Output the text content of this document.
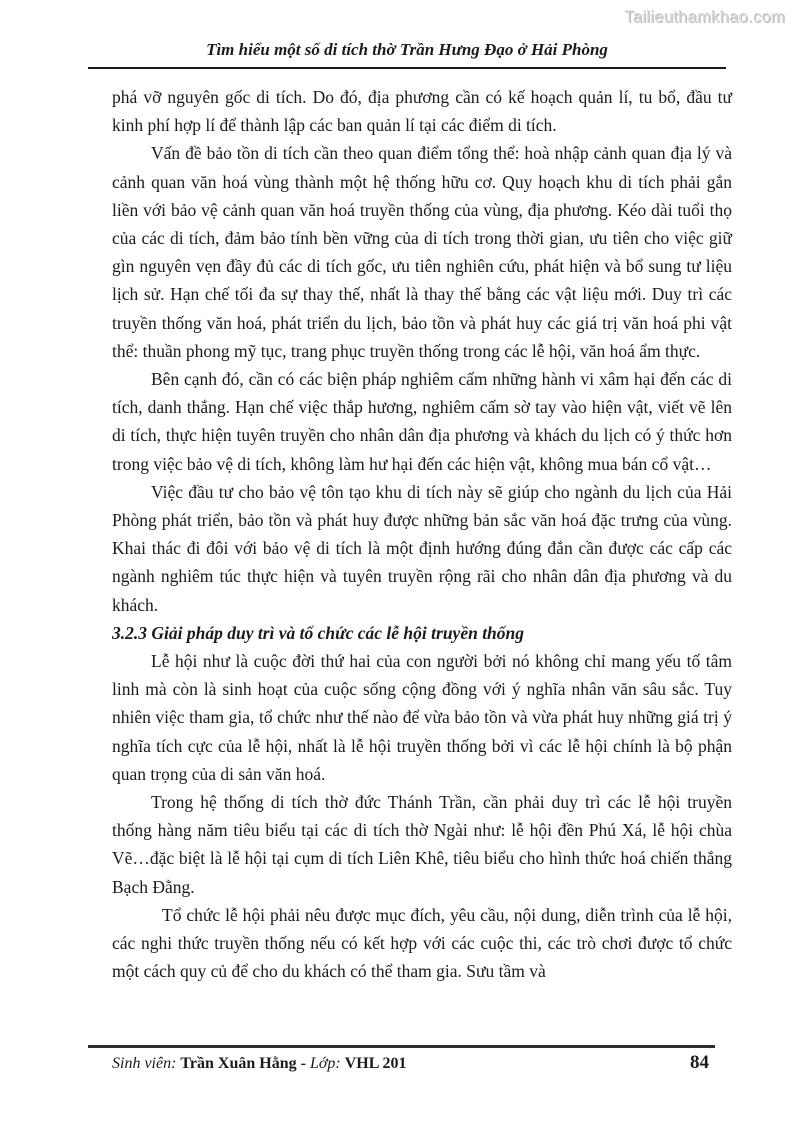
Tailieuthamkhao.com
Tìm hiểu một số di tích thờ Trần Hưng Đạo ở Hải Phòng

phá vỡ nguyên gốc di tích. Do đó, địa phương cần có kế hoạch quản lí, tu bổ, đầu tư kinh phí hợp lí để thành lập các ban quản lí tại các điểm di tích.

Vấn đề bảo tồn di tích cần theo quan điểm tổng thể: hoà nhập cảnh quan địa lý và cảnh quan văn hoá vùng thành một hệ thống hữu cơ. Quy hoạch khu di tích phải gắn liền với bảo vệ cảnh quan văn hoá truyền thống của vùng, địa phương. Kéo dài tuổi thọ của các di tích, đảm bảo tính bền vững của di tích trong thời gian, ưu tiên cho việc giữ gìn nguyên vẹn đầy đủ các di tích gốc, ưu tiên nghiên cứu, phát hiện và bổ sung tư liệu lịch sử. Hạn chế tối đa sự thay thế, nhất là thay thế bằng các vật liệu mới. Duy trì các truyền thống văn hoá, phát triển du lịch, bảo tồn và phát huy các giá trị văn hoá phi vật thể: thuần phong mỹ tục, trang phục truyền thống trong các lễ hội, văn hoá ẩm thực.

Bên cạnh đó, cần có các biện pháp nghiêm cấm những hành vi xâm hại đến các di tích, danh thắng. Hạn chế việc thắp hương, nghiêm cấm sờ tay vào hiện vật, viết vẽ lên di tích, thực hiện tuyên truyền cho nhân dân địa phương và khách du lịch có ý thức hơn trong việc bảo vệ di tích, không làm hư hại đến các hiện vật, không mua bán cổ vật…

Việc đầu tư cho bảo vệ tôn tạo khu di tích này sẽ giúp cho ngành du lịch của Hải Phòng phát triển, bảo tồn và phát huy được những bản sắc văn hoá đặc trưng của vùng. Khai thác đi đôi với bảo vệ di tích là một định hướng đúng đắn cần được các cấp các ngành nghiêm túc thực hiện và tuyên truyền rộng rãi cho nhân dân địa phương và du khách.

3.2.3 Giải pháp duy trì và tổ chức các lễ hội truyền thống

Lễ hội như là cuộc đời thứ hai của con người bởi nó không chỉ mang yếu tố tâm linh mà còn là sinh hoạt của cuộc sống cộng đồng với ý nghĩa nhân văn sâu sắc. Tuy nhiên việc tham gia, tổ chức như thế nào để vừa bảo tồn và vừa phát huy những giá trị ý nghĩa tích cực của lễ hội, nhất là lễ hội truyền thống bởi vì các lễ hội chính là bộ phận quan trọng của di sản văn hoá.

Trong hệ thống di tích thờ đức Thánh Trần, cần phải duy trì các lễ hội truyền thống hàng năm tiêu biểu tại các di tích thờ Ngài như: lễ hội đền Phú Xá, lễ hội chùa Vẽ…đặc biệt là lễ hội tại cụm di tích Liên Khê, tiêu biểu cho hình thức hoá chiến thắng Bạch Đằng.

Tổ chức lễ hội phải nêu được mục đích, yêu cầu, nội dung, diễn trình của lễ hội, các nghi thức truyền thống nếu có kết hợp với các cuộc thi, các trò chơi được tổ chức một cách quy củ để cho du khách có thể tham gia. Sưu tầm và

Sinh viên: Trần Xuân Hằng - Lớp: VHL 201	84
